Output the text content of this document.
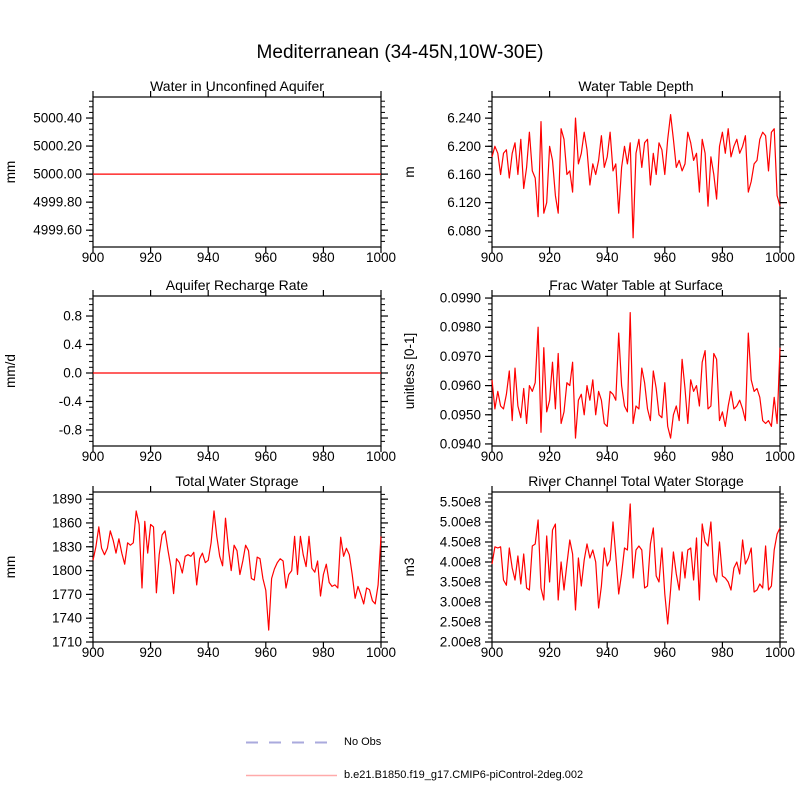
Mediterranean (34-45N,10W-30E)
900	920	940	960	980 1000
4999.60
4999.80
5000.00
5000.20
5000.40
Water in Unconfined Aquifer
mm
900	920	940	960	980 1000
6.080
6.120
6.160
6.200
6.240
Water Table Depth
m
900	920	940	960	980 1000
-0.8
-0.4
0.0
0.4
0.8
Aquifer Recharge Rate
mm/d
900	920	940	960	980 1000
0.0940
0.0950
0.0960
0.0970
0.0980
0.0990
Frac Water Table at Surface
unitless [0-1]
900	920	940	960	980 1000
1710
1740
1770
1800
1830
1860
1890
Total Water Storage
mm
900	920	940	960	980 1000
2.00e8
2.50e8
3.00e8
3.50e8
4.00e8
4.50e8
5.00e8
5.50e8
River Channel Total Water Storage
m3
No Obs
b.e21.B1850.f19_g17.CMIP6-piControl-2deg.002
